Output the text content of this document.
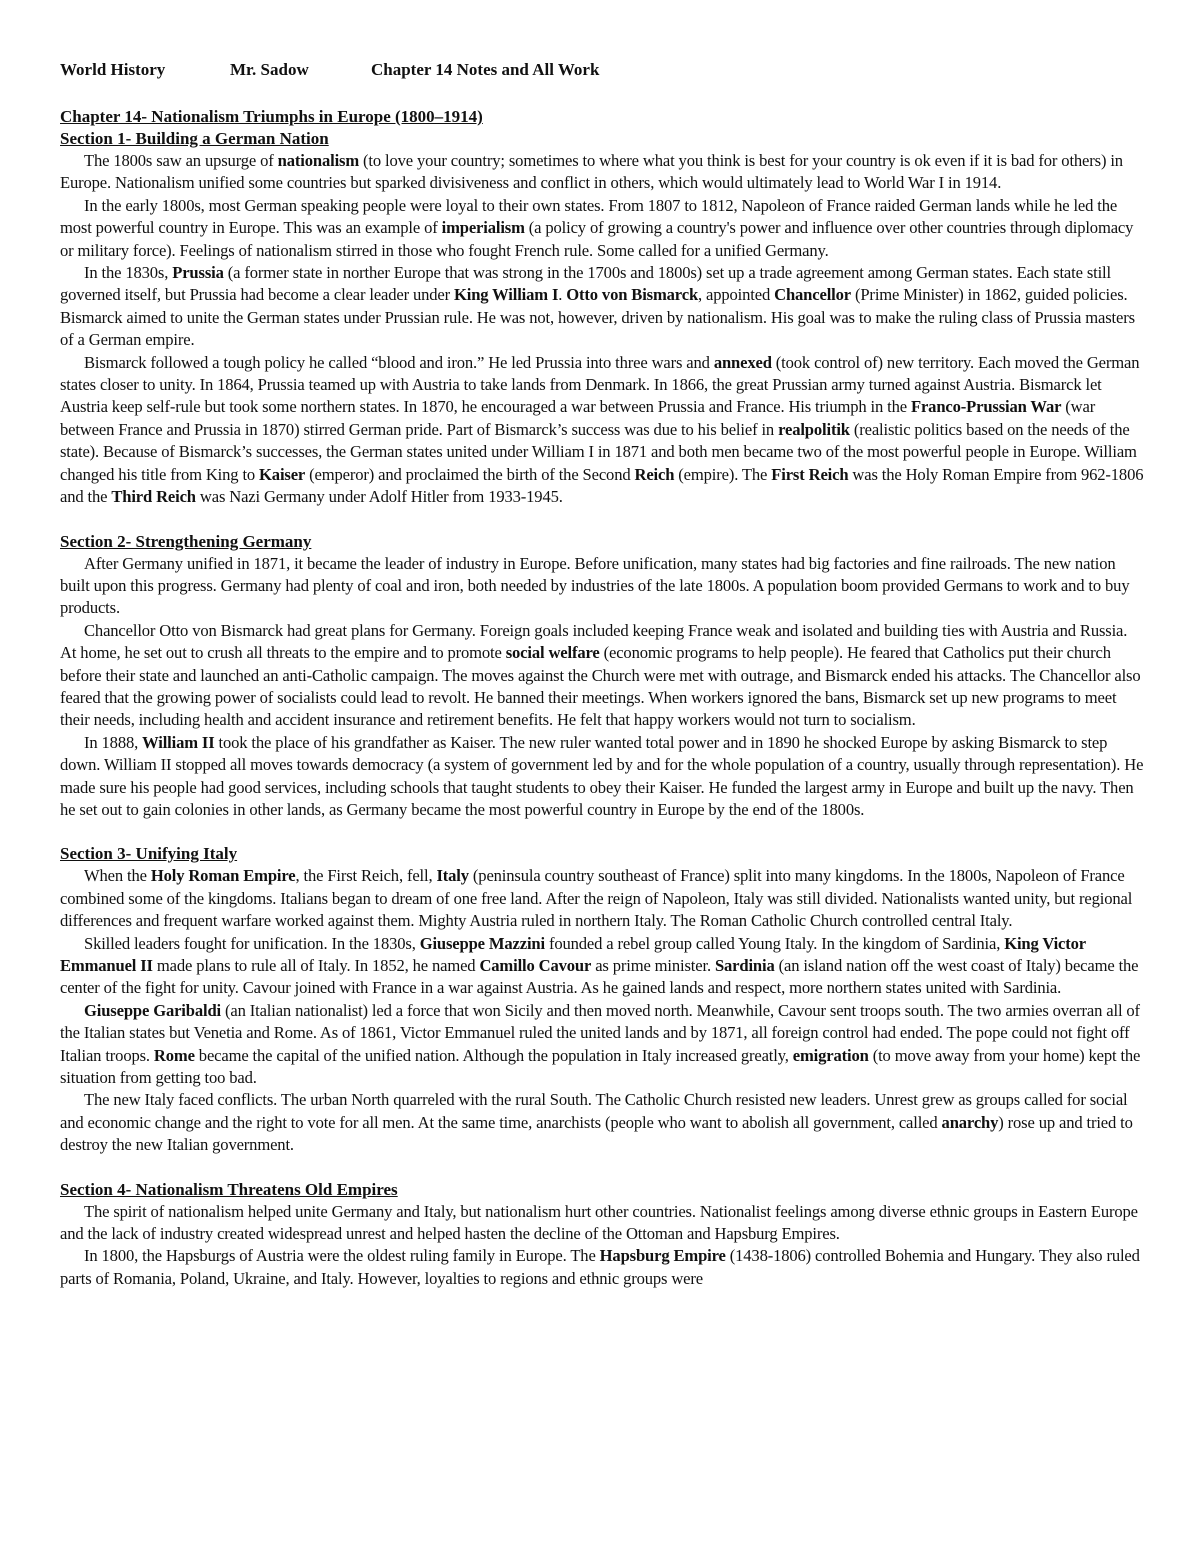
World History	Mr. Sadow	Chapter 14 Notes and All Work
Chapter 14- Nationalism Triumphs in Europe (1800–1914)
Section 1- Building a German Nation

The 1800s saw an upsurge of nationalism (to love your country; sometimes to where what you think is best for your country is ok even if it is bad for others) in Europe. Nationalism unified some countries but sparked divisiveness and conflict in others, which would ultimately lead to World War I in 1914.

In the early 1800s, most German speaking people were loyal to their own states. From 1807 to 1812, Napoleon of France raided German lands while he led the most powerful country in Europe. This was an example of imperialism (a policy of growing a country's power and influence over other countries through diplomacy or military force). Feelings of nationalism stirred in those who fought French rule. Some called for a unified Germany.

In the 1830s, Prussia (a former state in norther Europe that was strong in the 1700s and 1800s) set up a trade agreement among German states. Each state still governed itself, but Prussia had become a clear leader under King William I. Otto von Bismarck, appointed Chancellor (Prime Minister) in 1862, guided policies. Bismarck aimed to unite the German states under Prussian rule. He was not, however, driven by nationalism. His goal was to make the ruling class of Prussia masters of a German empire.

Bismarck followed a tough policy he called “blood and iron.” He led Prussia into three wars and annexed (took control of) new territory. Each moved the German states closer to unity. In 1864, Prussia teamed up with Austria to take lands from Denmark. In 1866, the great Prussian army turned against Austria. Bismarck let Austria keep self-rule but took some northern states. In 1870, he encouraged a war between Prussia and France. His triumph in the Franco-Prussian War (war between France and Prussia in 1870) stirred German pride. Part of Bismarck’s success was due to his belief in realpolitik (realistic politics based on the needs of the state). Because of Bismarck’s successes, the German states united under William I in 1871 and both men became two of the most powerful people in Europe. William changed his title from King to Kaiser (emperor) and proclaimed the birth of the Second Reich (empire). The First Reich was the Holy Roman Empire from 962-1806 and the Third Reich was Nazi Germany under Adolf Hitler from 1933-1945.

Section 2- Strengthening Germany

After Germany unified in 1871, it became the leader of industry in Europe. Before unification, many states had big factories and fine railroads. The new nation built upon this progress. Germany had plenty of coal and iron, both needed by industries of the late 1800s. A population boom provided Germans to work and to buy products.

Chancellor Otto von Bismarck had great plans for Germany. Foreign goals included keeping France weak and isolated and building ties with Austria and Russia. At home, he set out to crush all threats to the empire and to promote social welfare (economic programs to help people). He feared that Catholics put their church before their state and launched an anti-Catholic campaign. The moves against the Church were met with outrage, and Bismarck ended his attacks. The Chancellor also feared that the growing power of socialists could lead to revolt. He banned their meetings. When workers ignored the bans, Bismarck set up new programs to meet their needs, including health and accident insurance and retirement benefits. He felt that happy workers would not turn to socialism.

In 1888, William II took the place of his grandfather as Kaiser. The new ruler wanted total power and in 1890 he shocked Europe by asking Bismarck to step down. William II stopped all moves towards democracy (a system of government led by and for the whole population of a country, usually through representation). He made sure his people had good services, including schools that taught students to obey their Kaiser. He funded the largest army in Europe and built up the navy. Then he set out to gain colonies in other lands, as Germany became the most powerful country in Europe by the end of the 1800s.

Section 3- Unifying Italy

When the Holy Roman Empire, the First Reich, fell, Italy (peninsula country southeast of France) split into many kingdoms. In the 1800s, Napoleon of France combined some of the kingdoms. Italians began to dream of one free land. After the reign of Napoleon, Italy was still divided. Nationalists wanted unity, but regional differences and frequent warfare worked against them. Mighty Austria ruled in northern Italy. The Roman Catholic Church controlled central Italy.

Skilled leaders fought for unification. In the 1830s, Giuseppe Mazzini founded a rebel group called Young Italy. In the kingdom of Sardinia, King Victor Emmanuel II made plans to rule all of Italy. In 1852, he named Camillo Cavour as prime minister. Sardinia (an island nation off the west coast of Italy) became the center of the fight for unity. Cavour joined with France in a war against Austria. As he gained lands and respect, more northern states united with Sardinia.

Giuseppe Garibaldi (an Italian nationalist) led a force that won Sicily and then moved north. Meanwhile, Cavour sent troops south. The two armies overran all of the Italian states but Venetia and Rome. As of 1861, Victor Emmanuel ruled the united lands and by 1871, all foreign control had ended. The pope could not fight off Italian troops. Rome became the capital of the unified nation. Although the population in Italy increased greatly, emigration (to move away from your home) kept the situation from getting too bad.

The new Italy faced conflicts. The urban North quarreled with the rural South. The Catholic Church resisted new leaders. Unrest grew as groups called for social and economic change and the right to vote for all men. At the same time, anarchists (people who want to abolish all government, called anarchy) rose up and tried to destroy the new Italian government.

Section 4- Nationalism Threatens Old Empires

The spirit of nationalism helped unite Germany and Italy, but nationalism hurt other countries. Nationalist feelings among diverse ethnic groups in Eastern Europe and the lack of industry created widespread unrest and helped hasten the decline of the Ottoman and Hapsburg Empires.

In 1800, the Hapsburgs of Austria were the oldest ruling family in Europe. The Hapsburg Empire (1438-1806) controlled Bohemia and Hungary. They also ruled parts of Romania, Poland, Ukraine, and Italy. However, loyalties to regions and ethnic groups were
